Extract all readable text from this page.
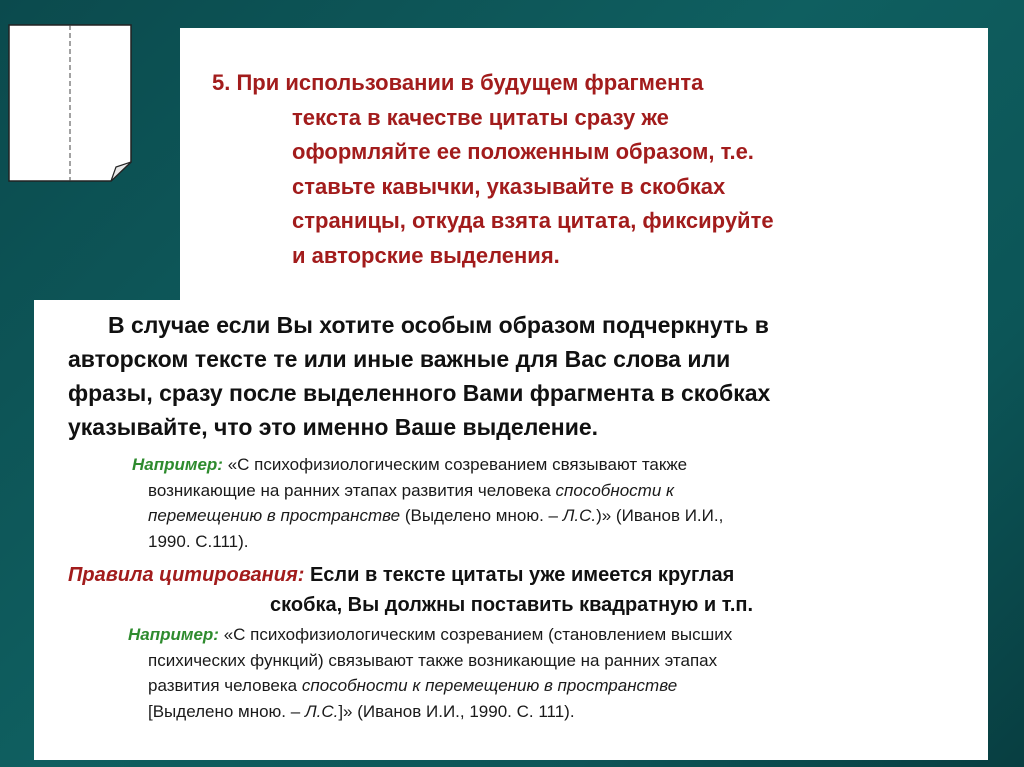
5. При использовании в будущем фрагмента
текста в качестве цитаты сразу же
оформляйте ее положенным образом, т.е.
ставьте кавычки, указывайте в скобках
страницы, откуда взята цитата, фиксируйте
и авторские выделения.

В случае если Вы хотите особым образом подчеркнуть в
авторском тексте те или иные важные для Вас слова или
фразы, сразу после выделенного Вами фрагмента в скобках
указывайте, что это именно Ваше выделение.

Например: «С психофизиологическим созреванием связывают также
возникающие на ранних этапах развития человека способности к
перемещению в пространстве (Выделено мною. – Л.С.)» (Иванов И.И.,
1990. С.111).

Правила цитирования: Если в тексте цитаты уже имеется круглая
скобка, Вы должны поставить квадратную и т.п.

Например: «С психофизиологическим созреванием (становлением высших
психических функций) связывают также возникающие на ранних этапах
развития человека способности к перемещению в пространстве
[Выделено мною. – Л.С.]» (Иванов И.И., 1990. С. 111).
